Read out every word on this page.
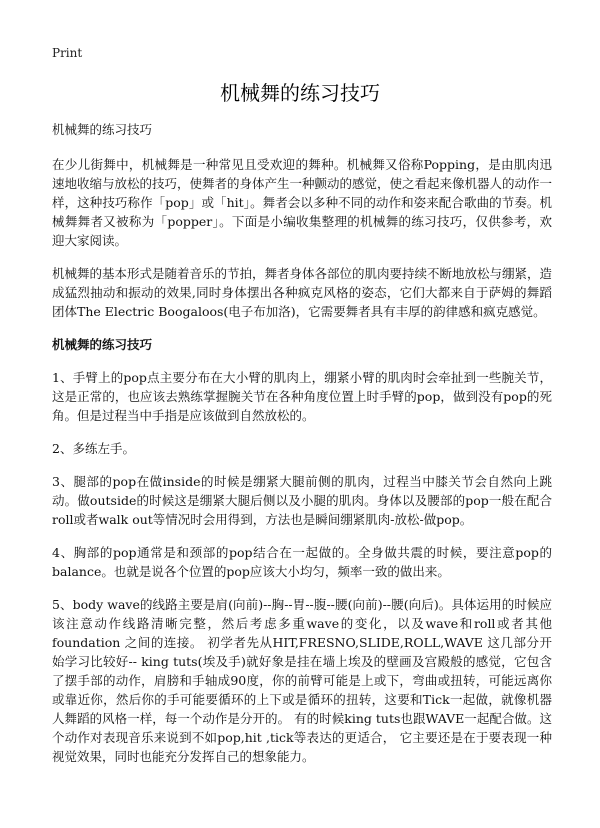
Print
机械舞的练习技巧

机械舞的练习技巧

在少儿街舞中，机械舞是一种常见且受欢迎的舞种。机械舞又俗称Popping，是由肌肉迅速地收缩与放松的技巧，使舞者的身体产生一种颤动的感觉，使之看起来像机器人的动作一样，这种技巧称作「pop」或「hit」。舞者会以多种不同的动作和姿来配合歌曲的节奏。机械舞舞者又被称为「popper」。下面是小编收集整理的机械舞的练习技巧，仅供参考，欢迎大家阅读。

机械舞的基本形式是随着音乐的节拍，舞者身体各部位的肌肉要持续不断地放松与绷紧，造成猛烈抽动和振动的效果,同时身体摆出各种疯克风格的姿态，它们大都来自于萨姆的舞蹈团体The Electric Boogaloos(电子布加洛)，它需要舞者具有丰厚的韵律感和疯克感觉。

机械舞的练习技巧

1、手臂上的pop点主要分布在大小臂的肌肉上，绷紧小臂的肌肉时会牵扯到一些腕关节，这是正常的，也应该去熟练掌握腕关节在各种角度位置上时手臂的pop，做到没有pop的死角。但是过程当中手指是应该做到自然放松的。

2、多练左手。

3、腿部的pop在做inside的时候是绷紧大腿前侧的肌肉，过程当中膝关节会自然向上跳动。做outside的时候这是绷紧大腿后侧以及小腿的肌肉。身体以及腰部的pop一般在配合roll或者walk out等情况时会用得到，方法也是瞬间绷紧肌肉-放松-做pop。

4、胸部的pop通常是和颈部的pop结合在一起做的。全身做共震的时候，要注意pop的balance。也就是说各个位置的pop应该大小均匀，频率一致的做出来。

5、body wave的线路主要是肩(向前)--胸--胃--腹--腰(向前)--腰(向后)。具体运用的时候应该注意动作线路清晰完整，然后考虑多重wave的变化，以及wave和roll或者其他foundation 之间的连接。 初学者先从HIT,FRESNO,SLIDE,ROLL,WAVE 这几部分开始学习比较好-- king tuts(埃及手)就好象是挂在墙上埃及的壁画及宫殿般的感觉，它包含了摆手部的动作，肩膀和手轴成90度，你的前臂可能是上或下，弯曲或扭转，可能远离你或靠近你，然后你的手可能要循环的上下或是循环的扭转，这要和Tick一起做，就像机器人舞蹈的风格一样，每一个动作是分开的。 有的时候king tuts也跟WAVE一起配合做。这个动作对表现音乐来说到不如pop,hit ,tick等表达的更适合， 它主要还是在于要表现一种视觉效果，同时也能充分发挥自己的想象能力。
